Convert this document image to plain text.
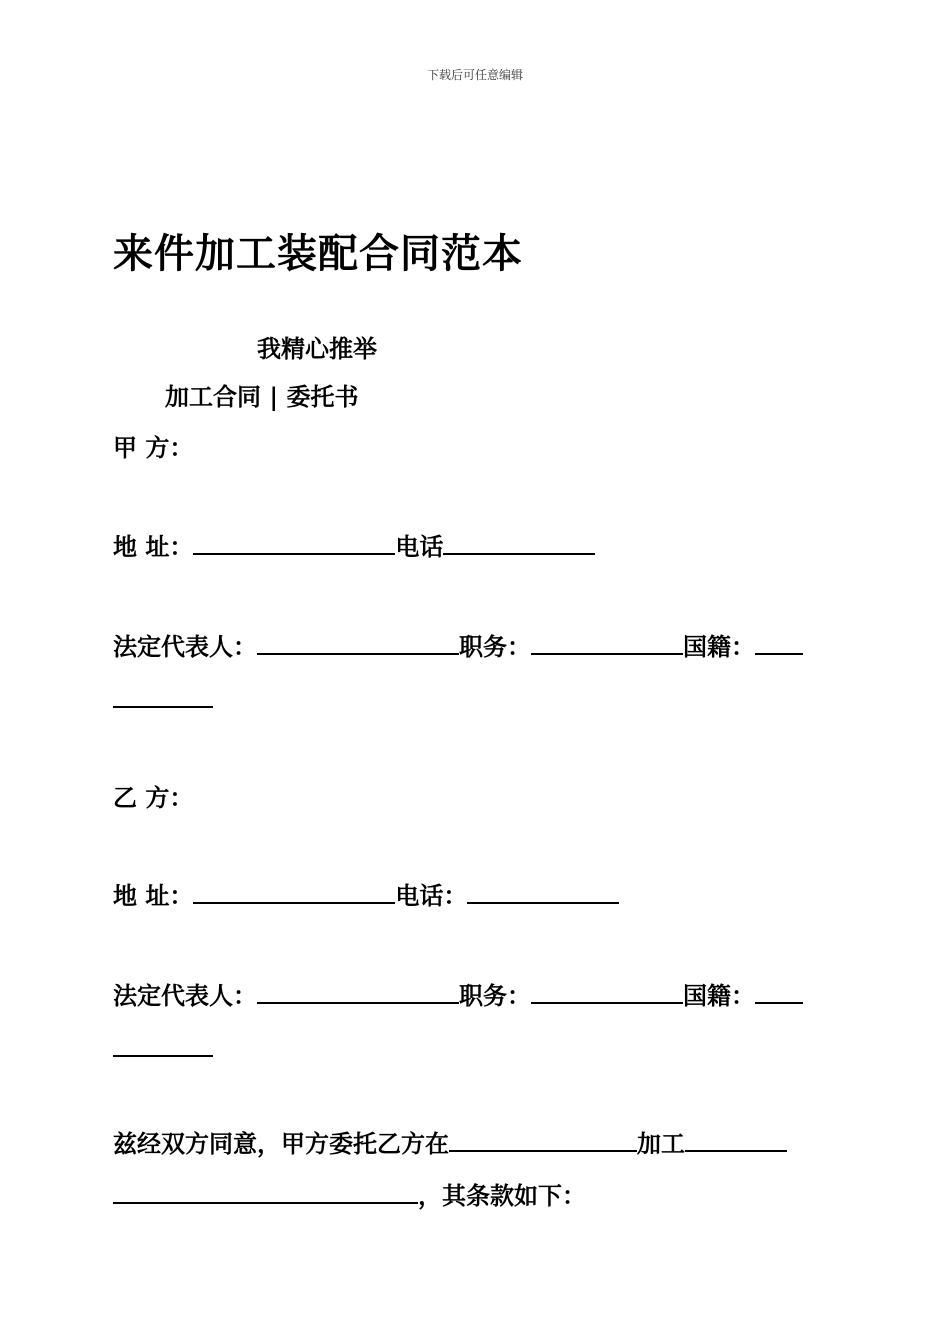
下载后可任意编辑
来件加工装配合同范本
我精心推举
加工合同 | 委托书
甲 方：
地 址：	电话
法定代表人：	职务：	国籍：
乙 方：
地 址：	电话：
法定代表人：	职务：	国籍：
兹经双方同意，甲方委托乙方在	加工
，其条款如下：
